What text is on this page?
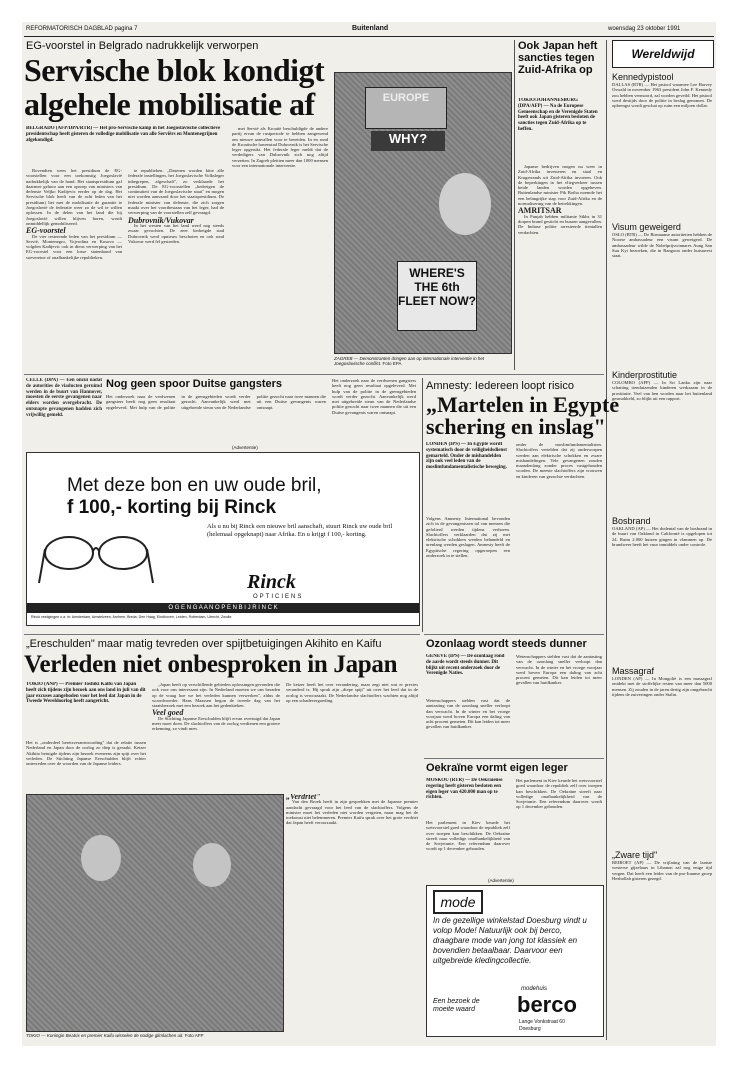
REFORMATORISCH DAGBLAD pagina 7	Buitenland	woensdag 23 oktober 1991
EG-voorstel in Belgrado nadrukkelijk verworpen
Servische blok kondigt
algehele mobilisatie af
BELGRADO (AFP/DPA/RTR) — Het pro-Servische kamp in het Joegoslavische collectieve presidentschap heeft gisteren de volledige mobilisatie van alle Serviërs en Montenegrijnen afgekondigd.

Bovendien wees het presidium de EG-voorstellen voor een toekomstig Joegoslavië nadrukkelijk van de hand. Het staatspresidium gaf daarmee gehoor aan een oproep van ministers van defensie Veljko Kadijevic eerder op de dag. Het Servische blok heeft van de acht leden van het presidium) liet met de mobilisatie de garantie te Joegoslavië de federatie weer zo de wil te willen oplossen. In de delen van het land die bij Joegoslavië willen blijven horen, wordt onmiddellijk gemobiliseerd.

EG-voorstel

De vier resterende leden van het presidium — Servië, Montenegro, Vojvodina en Kosovo — volgden Kadijevic ook in diens verwerping van het EG-voorstel voor een losse statenbond van soevereine of onafhankelijke republieken.

te republieken. „Dasenen worden kitte alle federale instellingen, het Joegoslavische Volksleger inbegrepen, afgeschaft", zo verklaarde het presidium. De EG-voorstellen „bedreigen de continuïteit van de Joegoslavische staat" en mogen niet worden aanvaard door het staatspresidium. De federale minister van defensie, die zich zorgen maakt over het voortbestaan van het leger, had de verwerping van de voorstellen zelf gevraagd.

Dubrovnik/Vukovar

In het westen van het land werd nog steeds zwaar gevochten. De zeer bedreigde stad Dubrovnik werd opnieuw beschoten en ook rond Vukovar werd fel gestreden.

met Servië als Kroatië beschuldigde de andere partij ervan de rustperiode te hebben aangewend om nieuwe aanvallen voor te bereiden. In en rond de Kroatische havenstad Dubrovnik is het Servische leger opgerukt. Het federale leger meldt dat de verdedigers van Dubrovnik zich nog altijd verzetten. In Zagreb pleitten meer dan 1000 mensen voor een internationale interventie.

EUROPE
WHY?
WHERE'S THE 6th FLEET NOW?
ZAGREB — Demonstranten dringen aan op internationale interventie in het Joegoslavische conflict. Foto EPA
Ook Japan heft sancties tegen Zuid-Afrika op
TOKIO/JOHANNESBURG (DPA/AFP) — Na de Europese Gemeenschap en de Verenigde Staten heeft ook Japan gisteren besloten de sancties tegen Zuid-Afrika op te heffen.

Japanse bedrijven mogen nu weer in Zuid-Afrika investeren en staal en Krugerrands uit Zuid-Afrika invoeren. Ook de beperkingen in het vliegverkeer tussen beide landen worden opgeheven. Buitenlandse minister Pik Botha noemde het een belangrijke stap voor Zuid-Afrika en de normalisering van de betrekkingen.

AMRITSAR

In Punjab hebben militante Sikhs in 31 dorpen brand gesticht en bussen aangevallen. De Indiase politie arresteerde tientallen verdachten.

Wereldwijd
Kennedypistool
DALLAS (RTR) — Het pistool waarmee Lee Harvey Oswald in november 1963 president John F. Kennedy zou hebben vermoord, zal worden geveild. Het pistool werd destijds door de politie in beslag genomen. De opbrengst wordt geschat op ruim een miljoen dollar.
Visum geweigerd
OSLO (RTR) — De Birmaanse autoriteiten hebben de Noorse ambassadeur een visum geweigerd. De ambassadeur wilde de Nobelprijswinnares Aung San Suu Kyi bezoeken, die in Rangoon onder huisarrest staat.
Kinderprostitutie
COLOMBO (AFP) — In Sri Lanka zijn naar schatting tienduizenden kinderen werkzaam in de prostitutie. Veel van hen worden naar het buitenland gesmokkeld, zo blijkt uit een rapport.
Bosbrand
OAKLAND (AP) — Het dodental van de bosbrand in de buurt van Oakland in Californië is opgelopen tot 24. Ruim 2.000 huizen gingen in vlammen op. De brandweer heeft het vuur inmiddels onder controle.
Massagraf
LONDEN (AP) — In Mongolië is een massagraf ontdekt met de stoffelijke resten van meer dan 5000 mensen. Zij zouden in de jaren dertig zijn omgebracht tijdens de zuiveringen onder Stalin.
„Zware tijd"
BEIROET (AP) — De vrijlating van de laatste westerse gijzelaars in Libanon zal nog enige tijd vergen. Dat heeft een leider van de pro-Iraanse groep Hezbollah gisteren gezegd.
CELLE (DPA) — Een onzui nadat de autorities de viaducten geruimd werden in de buurt van Hannover, moesten de eerste gevangenen naar elders worden overgebracht. De ontsnapte gevangenen hadden zich vrijwillig gemeld.
Nog geen spoor Duitse gangsters
Het onderzoek naar de verdwenen gangsters heeft nog geen resultaat opgeleverd. Met hulp van de politie in de grensgebieden wordt verder gezocht. Aanvankelijk werd met uitgebreide steun van de Nederlandse politie gezocht naar twee mannen die uit een Duitse gevangenis waren ontsnapt.
Het onderzoek naar de verdwenen gangsters heeft nog geen resultaat opgeleverd. Met hulp van de politie in de grensgebieden wordt verder gezocht. Aanvankelijk werd met uitgebreide steun van de Nederlandse politie gezocht naar twee mannen die uit een Duitse gevangenis waren ontsnapt.
(Advertentie)
Met deze bon en uw oude bril,
f 100,- korting bij Rinck
Als u nu bij Rinck een nieuwe bril aanschaft, stuurt Rinck uw oude bril (helemaal opgeknapt) naar Afrika. En u krijgt f 100,- korting.
Rinck
OPTICIENS
O G E N G A A N O P E N B I J R I N C K
Rinck vestigingen o.a. in: Amsterdam, Amstelveen, Arnhem, Breda, Den Haag, Eindhoven, Leiden, Rotterdam, Utrecht, Zwolle.
Amnesty: Iedereen loopt risico
„Martelen in Egypte
schering en inslag"
LONDEN (IPS) — In Egypte wordt systematisch door de veiligheidsdienst gemarteld. Onder de mishandelden zijn ook veel leden van de moslimfundamentalistische beweging.
Volgens Amnesty International bevonden zich in de gevangenissen tal van mensen die gefolterd werden tijdens verhoren. Slachtoffers verklaarden dat zij met elektrische schokken werden behandeld en urenlang werden geslagen. Amnesty heeft de Egyptische regering opgeroepen een onderzoek in te stellen.
onder de moslimfundamentalisten. Slachtoffers vertelden dat zij onderworpen werden aan elektrische schokken en zware mishandelingen. Vele gevangenen zouden maandenlang zonder proces vastgehouden worden. De meeste slachtoffers zijn vrouwen en kinderen van gezochte verdachten.
Ozonlaag wordt steeds dunner
GENÈVE (IPS) — De ozonlaag rond de aarde wordt steeds dunner. Dit blijkt uit recent onderzoek door de Verenigde Naties.
Wetenschappers stelden vast dat de aantasting van de ozonlaag sneller verloopt dan verwacht. In de winter en het vroege voorjaar werd boven Europa een daling van acht procent gemeten. Dit kan leiden tot meer gevallen van huidkanker.
Wetenschappers stelden vast dat de aantasting van de ozonlaag sneller verloopt dan verwacht. In de winter en het vroege voorjaar werd boven Europa een daling van acht procent gemeten. Dit kan leiden tot meer gevallen van huidkanker.
Oekraïne vormt eigen leger
MOSKOU (RTR) — De Oekraïense regering heeft gisteren besloten een eigen leger van 420.000 man op te richten.
Het parlement in Kiev keurde het wetsvoorstel goed waardoor de republiek zelf over troepen kan beschikken. De Oekraïne streeft naar volledige onafhankelijkheid van de Sovjetunie. Een referendum daarover wordt op 1 december gehouden.
Het parlement in Kiev keurde het wetsvoorstel goed waardoor de republiek zelf over troepen kan beschikken. De Oekraïne streeft naar volledige onafhankelijkheid van de Sovjetunie. Een referendum daarover wordt op 1 december gehouden.
(Advertentie)
mode
In de gezellige winkelstad Doesburg vindt u volop Mode! Natuurlijk ook bij berco, draagbare mode van jong tot klassiek en bovendien betaalbaar. Daarvoor een uitgebreide kledingcollectie.
Een bezoek de moeite waard
modehuis
berco
Lange Vonkstraat 60
Doesburg
„Ereschulden" maar matig tevreden over spijtbetuigingen Akihito en Kaifu
Verleden niet onbesproken in Japan
TOKIO (ANP) — Premier Toshiki Kaifu van Japan heeft zich tijdens zijn bezoek aan ons land in juli van dit jaar excuses aangeboden voor het leed dat Japan in de Tweede Wereldoorlog heeft aangericht.
Het is „onderdeel bereisverantwoording" dat de relatie tussen Nederland en Japan door de oorlog zo diep is geraakt. Keizer Akihito betuigde tijdens zijn bezoek eveneens zijn spijt over het verleden. De Stichting Japanse Ereschulden blijft echter ontevreden over de woorden van de Japanse leiders.

„Japan heeft op verschillende gebieden oplossingen gevonden die ook voor ons interessant zijn. In Nederland moeten we ons beraden op de vraag hoe we het verleden kunnen verwerken", aldus de woordvoerder. Hans Maassen begon de tweede dag van het staatsbezoek met een bezoek aan het gedenkteken.

Veel goed

De Stichting Japanse Ereschulden blijft ervan overtuigd dat Japan meer moet doen. De slachtoffers van de oorlog verdienen een grotere erkenning, zo vindt men.

De keizer heeft het over verandering, maar zegt niet wat er precies veranderd is. Hij sprak zijn „diepe spijt" uit over het leed dat in de oorlog is veroorzaakt. De Nederlandse slachtoffers wachten nog altijd op een schadevergoeding.
TOKIO — Koningin Beatrix en premier Kaifu wisselen de nodige glimlachen uit. Foto AFP
„Verdriet"

Van den Broek heeft in zijn gesprekken met de Japanse premier aandacht gevraagd voor het leed van de slachtoffers. Volgens de minister moet het verleden niet worden vergeten, maar mag het de toekomst niet belemmeren. Premier Kaifu sprak over het grote verdriet dat Japan heeft veroorzaakt.
